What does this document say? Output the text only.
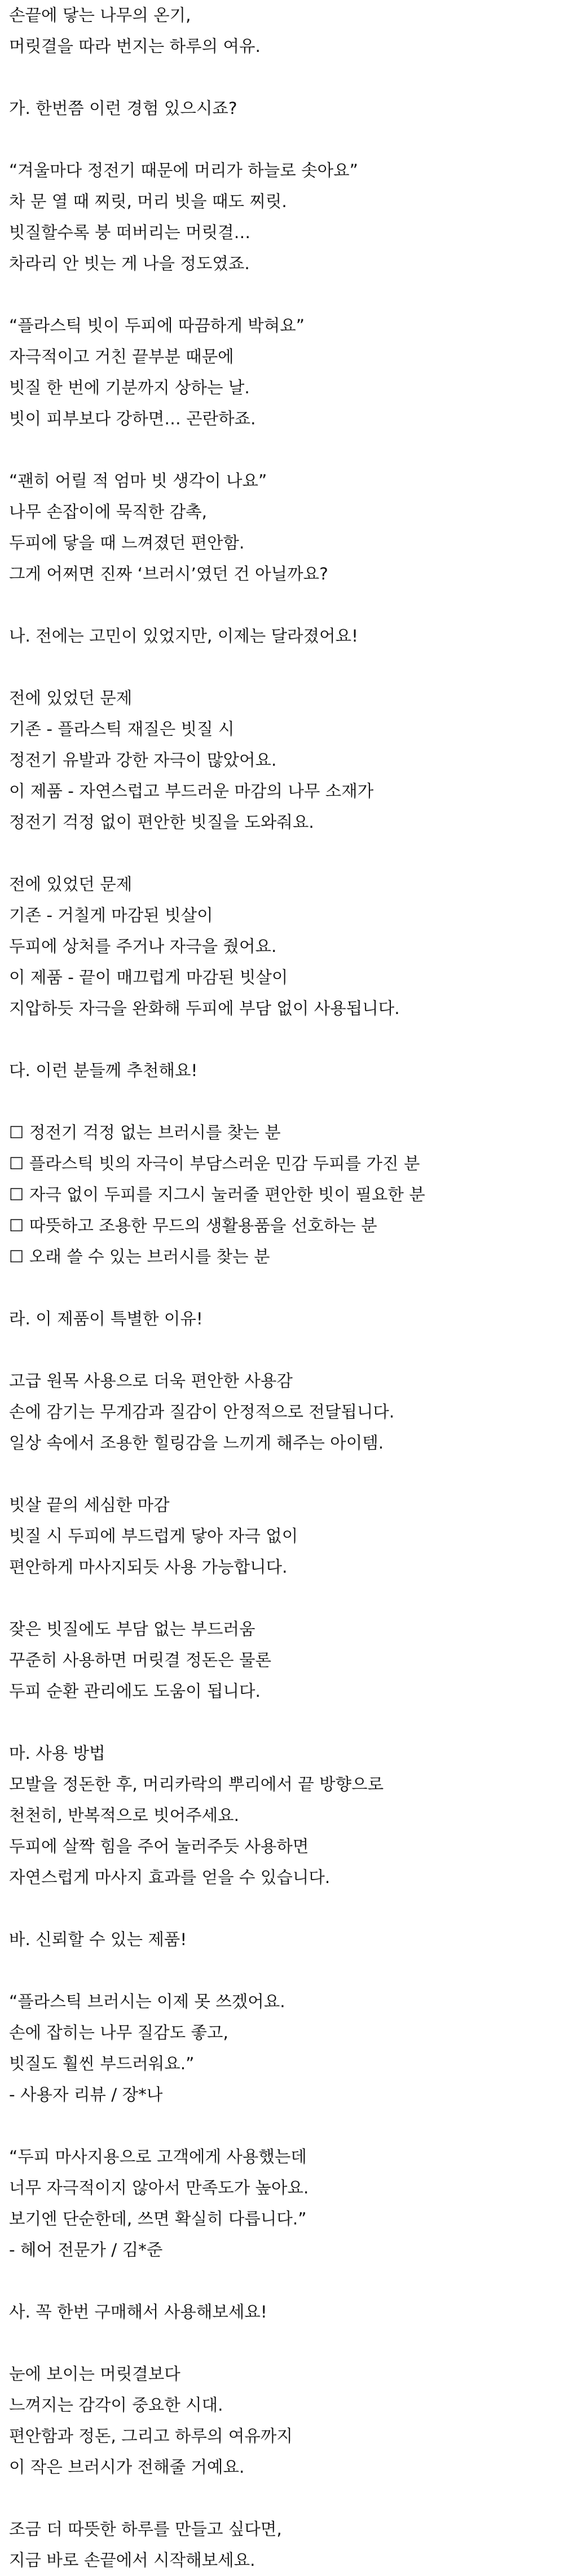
손끝에 닿는 나무의 온기,
머릿결을 따라 번지는 하루의 여유.
가. 한번쯤 이런 경험 있으시죠?
“겨울마다 정전기 때문에 머리가 하늘로 솟아요”
차 문 열 때 찌릿, 머리 빗을 때도 찌릿.
빗질할수록 붕 떠버리는 머릿결…
차라리 안 빗는 게 나을 정도였죠.
“플라스틱 빗이 두피에 따끔하게 박혀요”
자극적이고 거친 끝부분 때문에
빗질 한 번에 기분까지 상하는 날.
빗이 피부보다 강하면… 곤란하죠.
“괜히 어릴 적 엄마 빗 생각이 나요”
나무 손잡이에 묵직한 감촉,
두피에 닿을 때 느껴졌던 편안함.
그게 어쩌면 진짜 ‘브러시’였던 건 아닐까요?
나. 전에는 고민이 있었지만, 이제는 달라졌어요!
전에 있었던 문제
기존 - 플라스틱 재질은 빗질 시
정전기 유발과 강한 자극이 많았어요.
이 제품 - 자연스럽고 부드러운 마감의 나무 소재가
정전기 걱정 없이 편안한 빗질을 도와줘요.
전에 있었던 문제
기존 - 거칠게 마감된 빗살이
두피에 상처를 주거나 자극을 줬어요.
이 제품 - 끝이 매끄럽게 마감된 빗살이
지압하듯 자극을 완화해 두피에 부담 없이 사용됩니다.
다. 이런 분들께 추천해요!
☐ 정전기 걱정 없는 브러시를 찾는 분
☐ 플라스틱 빗의 자극이 부담스러운 민감 두피를 가진 분
☐ 자극 없이 두피를 지그시 눌러줄 편안한 빗이 필요한 분
☐ 따뜻하고 조용한 무드의 생활용품을 선호하는 분
☐ 오래 쓸 수 있는 브러시를 찾는 분
라. 이 제품이 특별한 이유!
고급 원목 사용으로 더욱 편안한 사용감
손에 감기는 무게감과 질감이 안정적으로 전달됩니다.
일상 속에서 조용한 힐링감을 느끼게 해주는 아이템.
빗살 끝의 세심한 마감
빗질 시 두피에 부드럽게 닿아 자극 없이
편안하게 마사지되듯 사용 가능합니다.
잦은 빗질에도 부담 없는 부드러움
꾸준히 사용하면 머릿결 정돈은 물론
두피 순환 관리에도 도움이 됩니다.
마. 사용 방법
모발을 정돈한 후, 머리카락의 뿌리에서 끝 방향으로
천천히, 반복적으로 빗어주세요.
두피에 살짝 힘을 주어 눌러주듯 사용하면
자연스럽게 마사지 효과를 얻을 수 있습니다.
바. 신뢰할 수 있는 제품!
“플라스틱 브러시는 이제 못 쓰겠어요.
손에 잡히는 나무 질감도 좋고,
빗질도 훨씬 부드러워요.”
- 사용자 리뷰 / 장*나
“두피 마사지용으로 고객에게 사용했는데
너무 자극적이지 않아서 만족도가 높아요.
보기엔 단순한데, 쓰면 확실히 다릅니다.”
- 헤어 전문가 / 김*준
사. 꼭 한번 구매해서 사용해보세요!
눈에 보이는 머릿결보다
느껴지는 감각이 중요한 시대.
편안함과 정돈, 그리고 하루의 여유까지
이 작은 브러시가 전해줄 거예요.
조금 더 따뜻한 하루를 만들고 싶다면,
지금 바로 손끝에서 시작해보세요.
